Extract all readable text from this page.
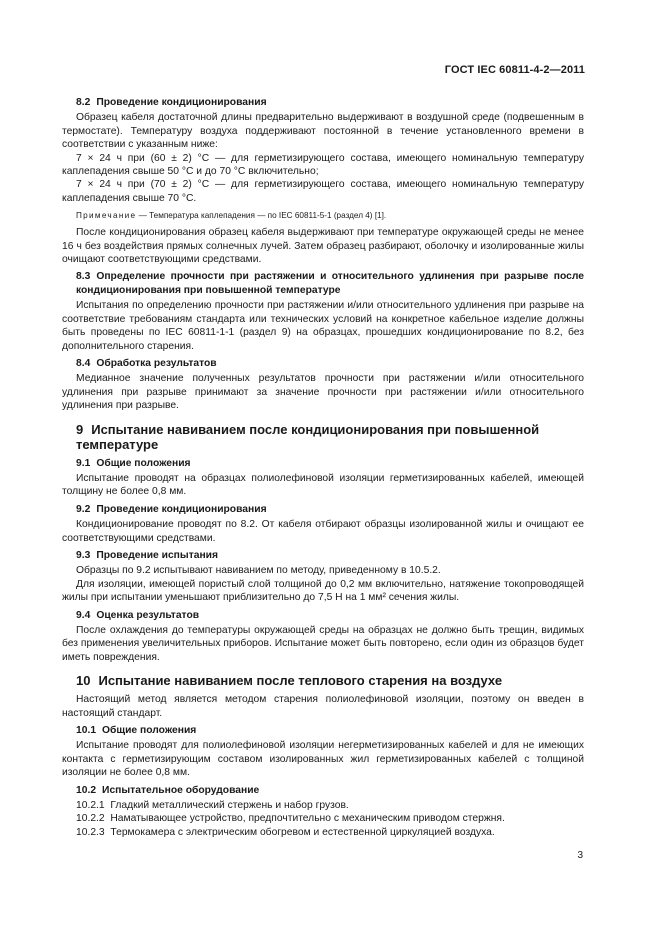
ГОСТ IEC 60811-4-2—2011

8.2 Проведение кондиционирования

Образец кабеля достаточной длины предварительно выдерживают в воздушной среде (подвешенным в термостате). Температуру воздуха поддерживают постоянной в течение установленного времени в соответствии с указанным ниже:

7 × 24 ч при (60 ± 2) °С — для герметизирующего состава, имеющего номинальную температуру каплепадения свыше 50 °С и до 70 °С включительно;

7 × 24 ч при (70 ± 2) °С — для герметизирующего состава, имеющего номинальную температуру каплепадения свыше 70 °С.

Примечание — Температура каплепадения — по IEC 60811-5-1 (раздел 4) [1].

После кондиционирования образец кабеля выдерживают при температуре окружающей среды не менее 16 ч без воздействия прямых солнечных лучей. Затем образец разбирают, оболочку и изолированные жилы очищают соответствующими средствами.

8.3 Определение прочности при растяжении и относительного удлинения при разрыве после кондиционирования при повышенной температуре

Испытания по определению прочности при растяжении и/или относительного удлинения при разрыве на соответствие требованиям стандарта или технических условий на конкретное кабельное изделие должны быть проведены по IEC 60811-1-1 (раздел 9) на образцах, прошедших кондиционирование по 8.2, без дополнительного старения.

8.4 Обработка результатов

Медианное значение полученных результатов прочности при растяжении и/или относительного удлинения при разрыве принимают за значение прочности при растяжении и/или относительного удлинения при разрыве.

9 Испытание навиванием после кондиционирования при повышенной температуре

9.1 Общие положения

Испытание проводят на образцах полиолефиновой изоляции герметизированных кабелей, имеющей толщину не более 0,8 мм.

9.2 Проведение кондиционирования

Кондиционирование проводят по 8.2. От кабеля отбирают образцы изолированной жилы и очищают ее соответствующими средствами.

9.3 Проведение испытания

Образцы по 9.2 испытывают навиванием по методу, приведенному в 10.5.2.

Для изоляции, имеющей пористый слой толщиной до 0,2 мм включительно, натяжение токопроводящей жилы при испытании уменьшают приблизительно до 7,5 Н на 1 мм² сечения жилы.

9.4 Оценка результатов

После охлаждения до температуры окружающей среды на образцах не должно быть трещин, видимых без применения увеличительных приборов. Испытание может быть повторено, если один из образцов будет иметь повреждения.

10 Испытание навиванием после теплового старения на воздухе

Настоящий метод является методом старения полиолефиновой изоляции, поэтому он введен в настоящий стандарт.

10.1 Общие положения

Испытание проводят для полиолефиновой изоляции негерметизированных кабелей и для не имеющих контакта с герметизирующим составом изолированных жил герметизированных кабелей с толщиной изоляции не более 0,8 мм.

10.2 Испытательное оборудование

10.2.1 Гладкий металлический стержень и набор грузов.

10.2.2 Наматывающее устройство, предпочтительно с механическим приводом стержня.

10.2.3 Термокамера с электрическим обогревом и естественной циркуляцией воздуха.

3
